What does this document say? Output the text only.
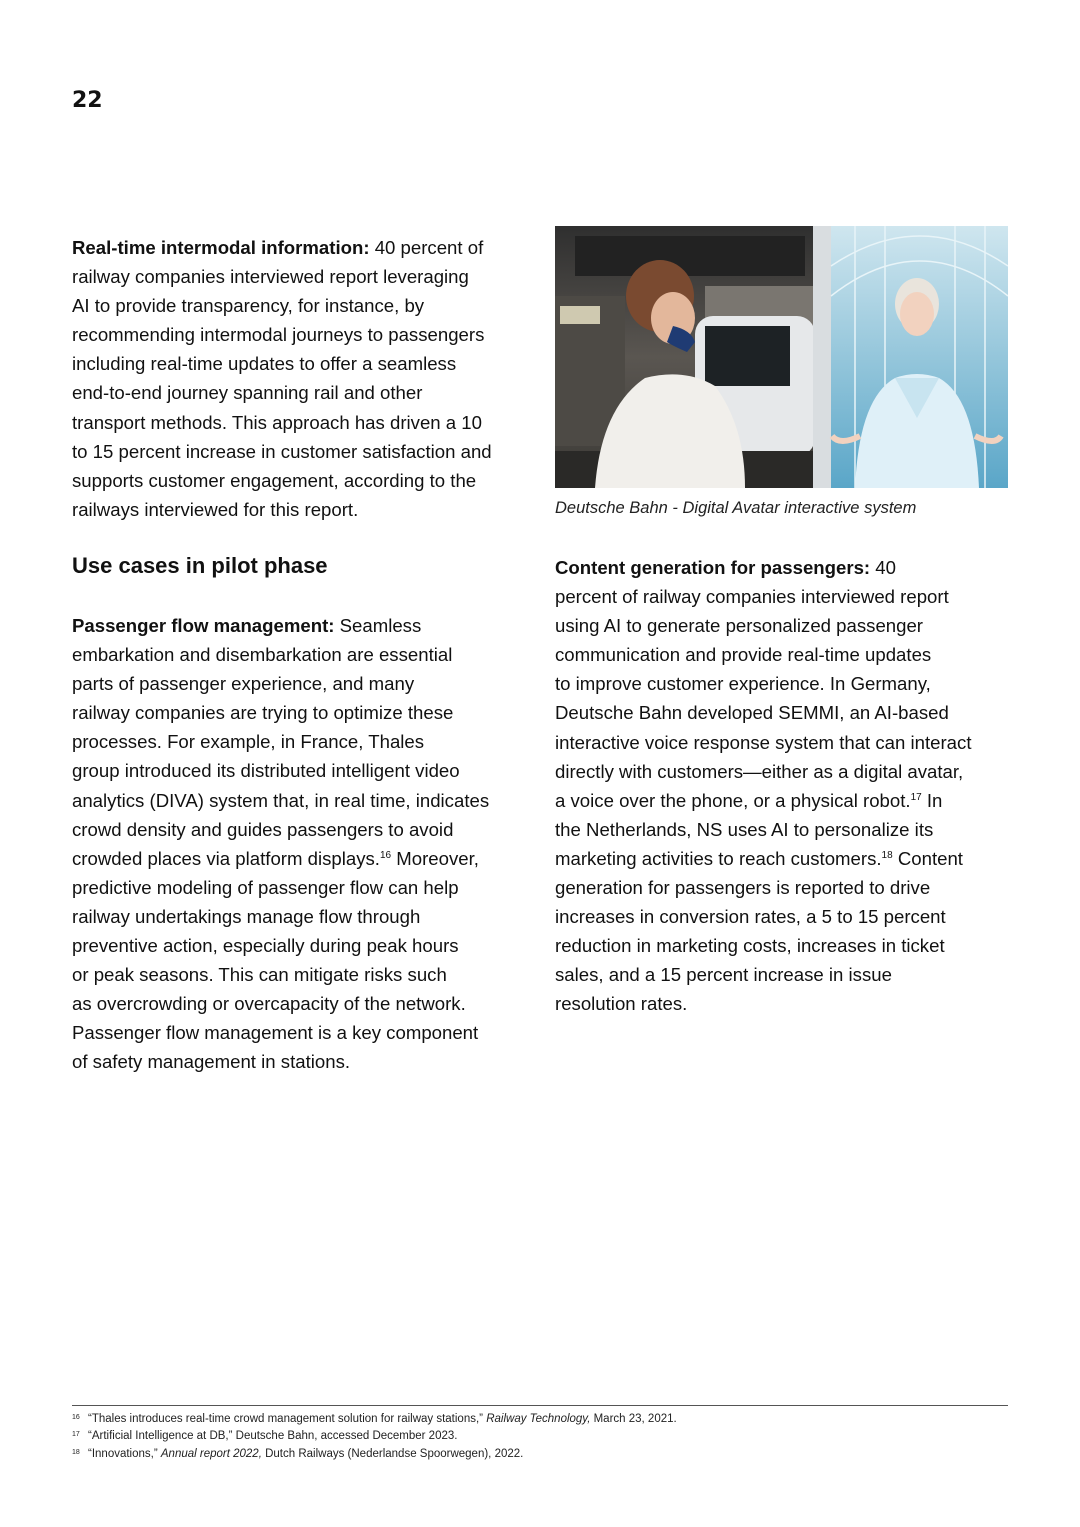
22

Real-time intermodal information: 40 percent of
railway companies interviewed report leveraging
AI to provide transparency, for instance, by
recommending intermodal journeys to passengers
including real-time updates to offer a seamless
end-to-end journey spanning rail and other
transport methods. This approach has driven a 10
to 15 percent increase in customer satisfaction and
supports customer engagement, according to the
railways interviewed for this report.	Deutsche Bahn - Digital Avatar interactive system
Use cases in pilot phase

Passenger flow management: Seamless
embarkation and disembarkation are essential
parts of passenger experience, and many
railway companies are trying to optimize these
processes. For example, in France, Thales
group introduced its distributed intelligent video
analytics (DIVA) system that, in real time, indicates
crowd density and guides passengers to avoid
crowded places via platform displays.$^{16}$ Moreover,
predictive modeling of passenger flow can help
railway undertakings manage flow through
preventive action, especially during peak hours
or peak seasons. This can mitigate risks such
as overcrowding or overcapacity of the network.
Passenger flow management is a key component
of safety management in stations.

Content generation for passengers: 40
percent of railway companies interviewed report
using AI to generate personalized passenger
communication and provide real-time updates
to improve customer experience. In Germany,
Deutsche Bahn developed SEMMI, an AI-based
interactive voice response system that can interact
directly with customers—either as a digital avatar,
a voice over the phone, or a physical robot.$^{17}$ In
the Netherlands, NS uses AI to personalize its
marketing activities to reach customers.$^{18}$ Content
generation for passengers is reported to drive
increases in conversion rates, a 5 to 15 percent
reduction in marketing costs, increases in ticket
sales, and a 15 percent increase in issue
resolution rates.

16 “Thales introduces real-time crowd management solution for railway stations,” Railway Technology, March 23, 2021.
17 “Artificial Intelligence at DB,” Deutsche Bahn, accessed December 2023.
18 “Innovations,” Annual report 2022, Dutch Railways (Nederlandse Spoorwegen), 2022.
